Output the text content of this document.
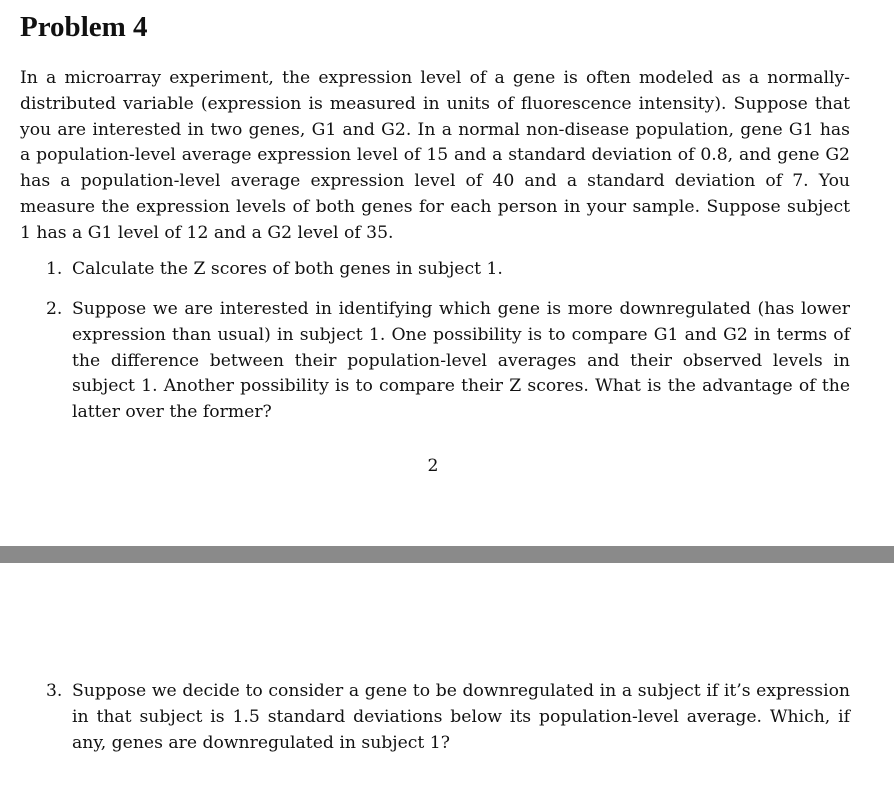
Problem 4

In a microarray experiment, the expression level of a gene is often modeled as a normally-distributed variable (expression is measured in units of fluorescence intensity). Suppose that you are interested in two genes, G1 and G2. In a normal non-disease population, gene G1 has a population-level average expression level of 15 and a standard deviation of 0.8, and gene G2 has a population-level average expression level of 40 and a standard deviation of 7. You measure the expression levels of both genes for each person in your sample. Suppose subject 1 has a G1 level of 12 and a G2 level of 35.

1. Calculate the Z scores of both genes in subject 1.
2. Suppose we are interested in identifying which gene is more downregulated (has lower expression than usual) in subject 1. One possibility is to compare G1 and G2 in terms of the difference between their population-level averages and their observed levels in subject 1. Another possibility is to compare their Z scores. What is the advantage of the latter over the former?
2
3. Suppose we decide to consider a gene to be downregulated in a subject if it’s expression in that subject is 1.5 standard deviations below its population-level average. Which, if any, genes are downregulated in subject 1?
